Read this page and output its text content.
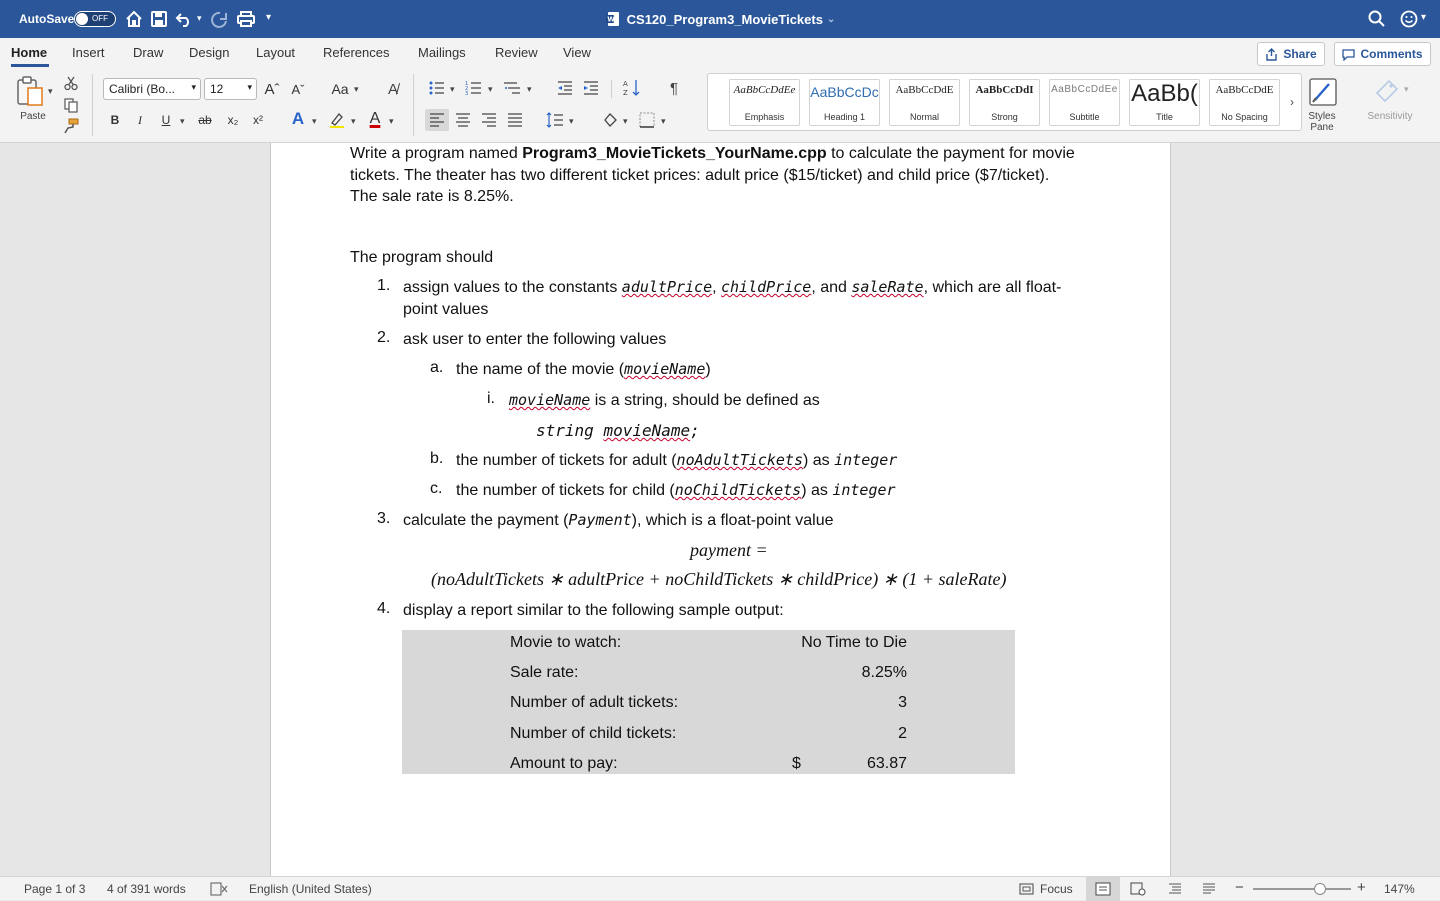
AutoSave OFF	▾	▾	W CS120_Program3_MovieTickets ⌄	▾
Home Insert Draw Design Layout References Mailings Review View	Share	Comments
▾
Paste
Calibri (Bo... ▾ 12	▾ Aˆ Aˇ	Aa ▾	A̸
B	I	U	▾	ab	x₂	x² A ▾	▾ A ▾
▾ 1
2
3 ▾	▾	A
Z	¶
▾	▾	▾
AaBbCcDdEe
Emphasis
AaBbCcDc
Heading 1
AaBbCcDdE
Normal
AaBbCcDdI
Strong
AaBbCcDdEe
Subtitle
AaBb(
Title
AaBbCcDdE
No Spacing
›
Styles
Pane
▾
Sensitivity
Write a program named Program3_MovieTickets_YourName.cpp to calculate the payment for movie
tickets. The theater has two different ticket prices: adult price ($15/ticket) and child price ($7/ticket).
The sale rate is 8.25%.
The program should
1. assign values to the constants adultPrice, childPrice, and saleRate, which are all float-
point values
2. ask user to enter the following values
a. the name of the movie (movieName)
i. movieName is a string, should be defined as
string movieName;
b. the number of tickets for adult (noAdultTickets) as integer
c. the number of tickets for child (noChildTickets) as integer
3. calculate the payment (Payment), which is a float-point value
payment =
(noAdultTickets ∗ adultPrice + noChildTickets ∗ childPrice) ∗ (1 + saleRate)
4. display a report similar to the following sample output:
Movie to watch:	No Time to Die
Sale rate:	8.25%
Number of adult tickets:	3
Number of child tickets:	2
Amount to pay:	$	63.87
Page 1 of 3 4 of 391 words	English (United States)	Focus	−	+ 147%
